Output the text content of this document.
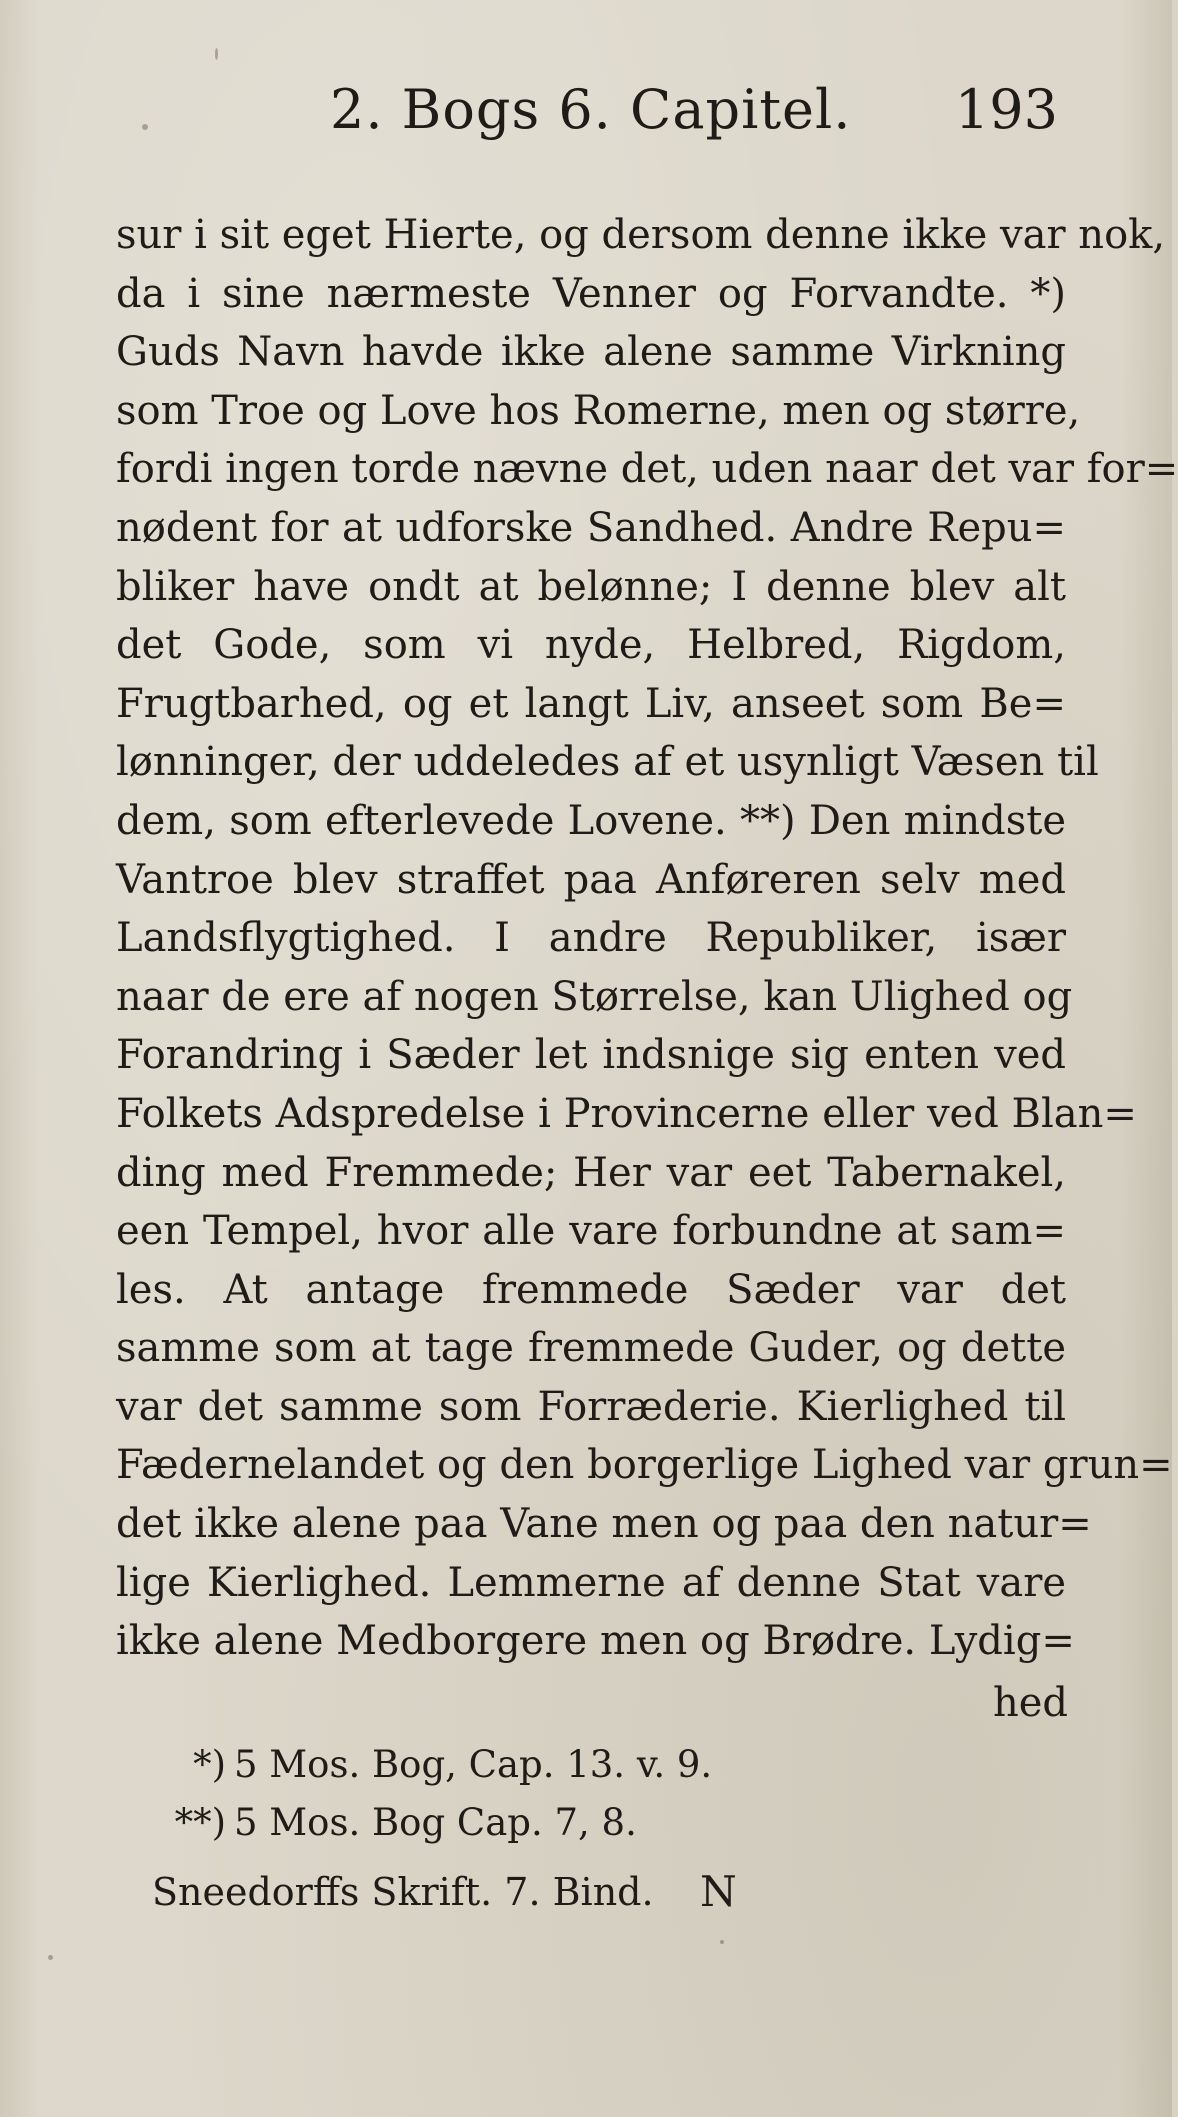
2. Bogs 6. Capitel. 193
sur i sit eget Hierte, og dersom denne ikke var nok,
da i sine nærmeste Venner og Forvandte. *)
Guds Navn havde ikke alene samme Virkning
som Troe og Love hos Romerne, men og større,
fordi ingen torde nævne det, uden naar det var for=
nødent for at udforske Sandhed. Andre Repu=
bliker have ondt at belønne; I denne blev alt
det Gode, som vi nyde, Helbred, Rigdom,
Frugtbarhed, og et langt Liv, anseet som Be=
lønninger, der uddeledes af et usynligt Væsen til
dem, som efterlevede Lovene. **) Den mindste
Vantroe blev straffet paa Anføreren selv med
Landsflygtighed. I andre Republiker, især
naar de ere af nogen Størrelse, kan Ulighed og
Forandring i Sæder let indsnige sig enten ved
Folkets Adspredelse i Provincerne eller ved Blan=
ding med Fremmede; Her var eet Tabernakel,
een Tempel, hvor alle vare forbundne at sam=
les. At antage fremmede Sæder var det
samme som at tage fremmede Guder, og dette
var det samme som Forræderie. Kierlighed til
Fædernelandet og den borgerlige Lighed var grun=
det ikke alene paa Vane men og paa den natur=
lige Kierlighed. Lemmerne af denne Stat vare
ikke alene Medborgere men og Brødre. Lydig=
hed
*) 5 Mos. Bog, Cap. 13. v. 9.
**) 5 Mos. Bog Cap. 7, 8.
Sneedorffs Skrift. 7. Bind. N
